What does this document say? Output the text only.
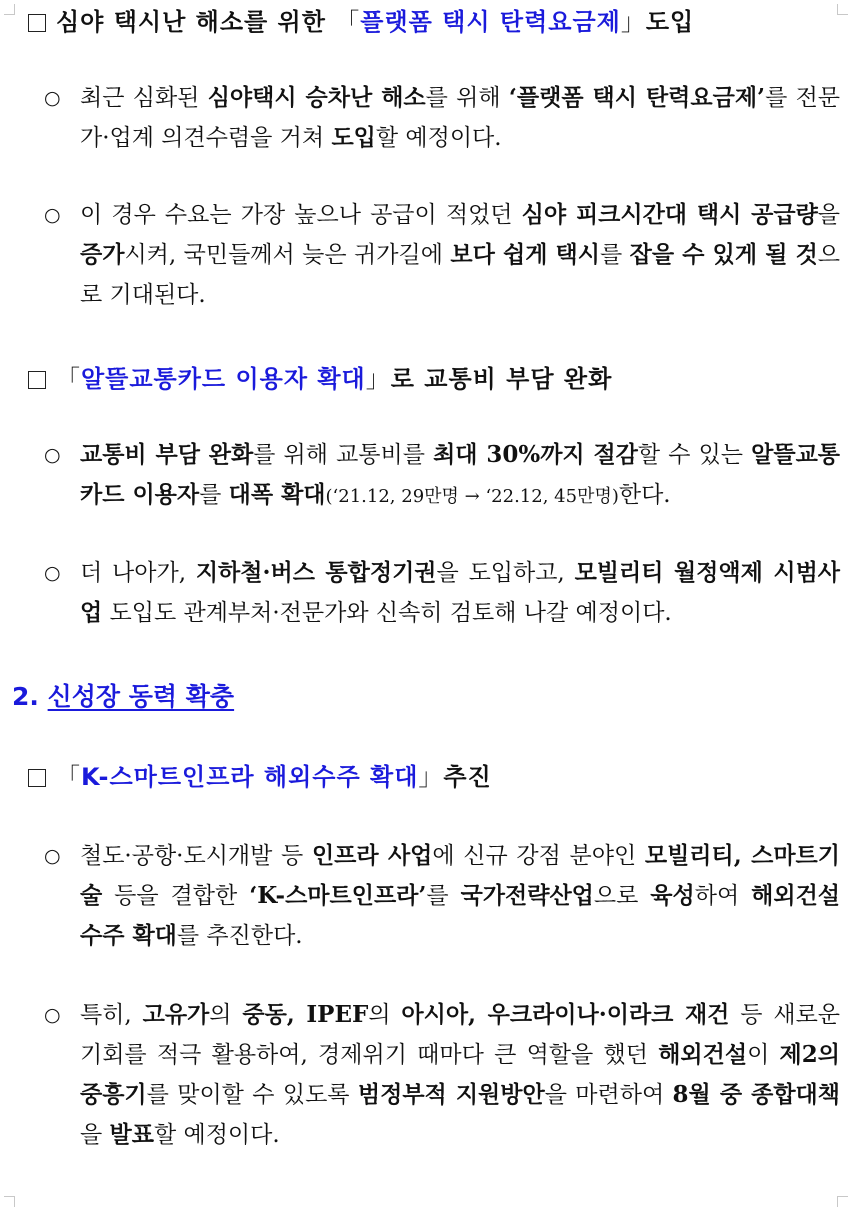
심야 택시난 해소를 위한 「플랫폼 택시 탄력요금제」도입
○ 최근 심화된 심야택시 승차난 해소를 위해 ‘플랫폼 택시 탄력요금제’를 전문가·업계 의견수렴을 거쳐 도입할 예정이다.
○ 이 경우 수요는 가장 높으나 공급이 적었던 심야 피크시간대 택시 공급량을 증가시켜, 국민들께서 늦은 귀가길에 보다 쉽게 택시를 잡을 수 있게 될 것으로 기대된다.
「알뜰교통카드 이용자 확대」로 교통비 부담 완화
○ 교통비 부담 완화를 위해 교통비를 최대 30%까지 절감할 수 있는 알뜰교통카드 이용자를 대폭 확대(‘21.12, 29만명 → ‘22.12, 45만명)한다.
○ 더 나아가, 지하철·버스 통합정기권을 도입하고, 모빌리티 월정액제 시범사업 도입도 관계부처·전문가와 신속히 검토해 나갈 예정이다.
2. 신성장 동력 확충
「K-스마트인프라 해외수주 확대」추진
○ 철도·공항·도시개발 등 인프라 사업에 신규 강점 분야인 모빌리티, 스마트기술 등을 결합한 ‘K-스마트인프라’를 국가전략산업으로 육성하여 해외건설 수주 확대를 추진한다.
○ 특히, 고유가의 중동, IPEF의 아시아, 우크라이나·이라크 재건 등 새로운 기회를 적극 활용하여, 경제위기 때마다 큰 역할을 했던 해외건설이 제2의 중흥기를 맞이할 수 있도록 범정부적 지원방안을 마련하여 8월 중 종합대책을 발표할 예정이다.
